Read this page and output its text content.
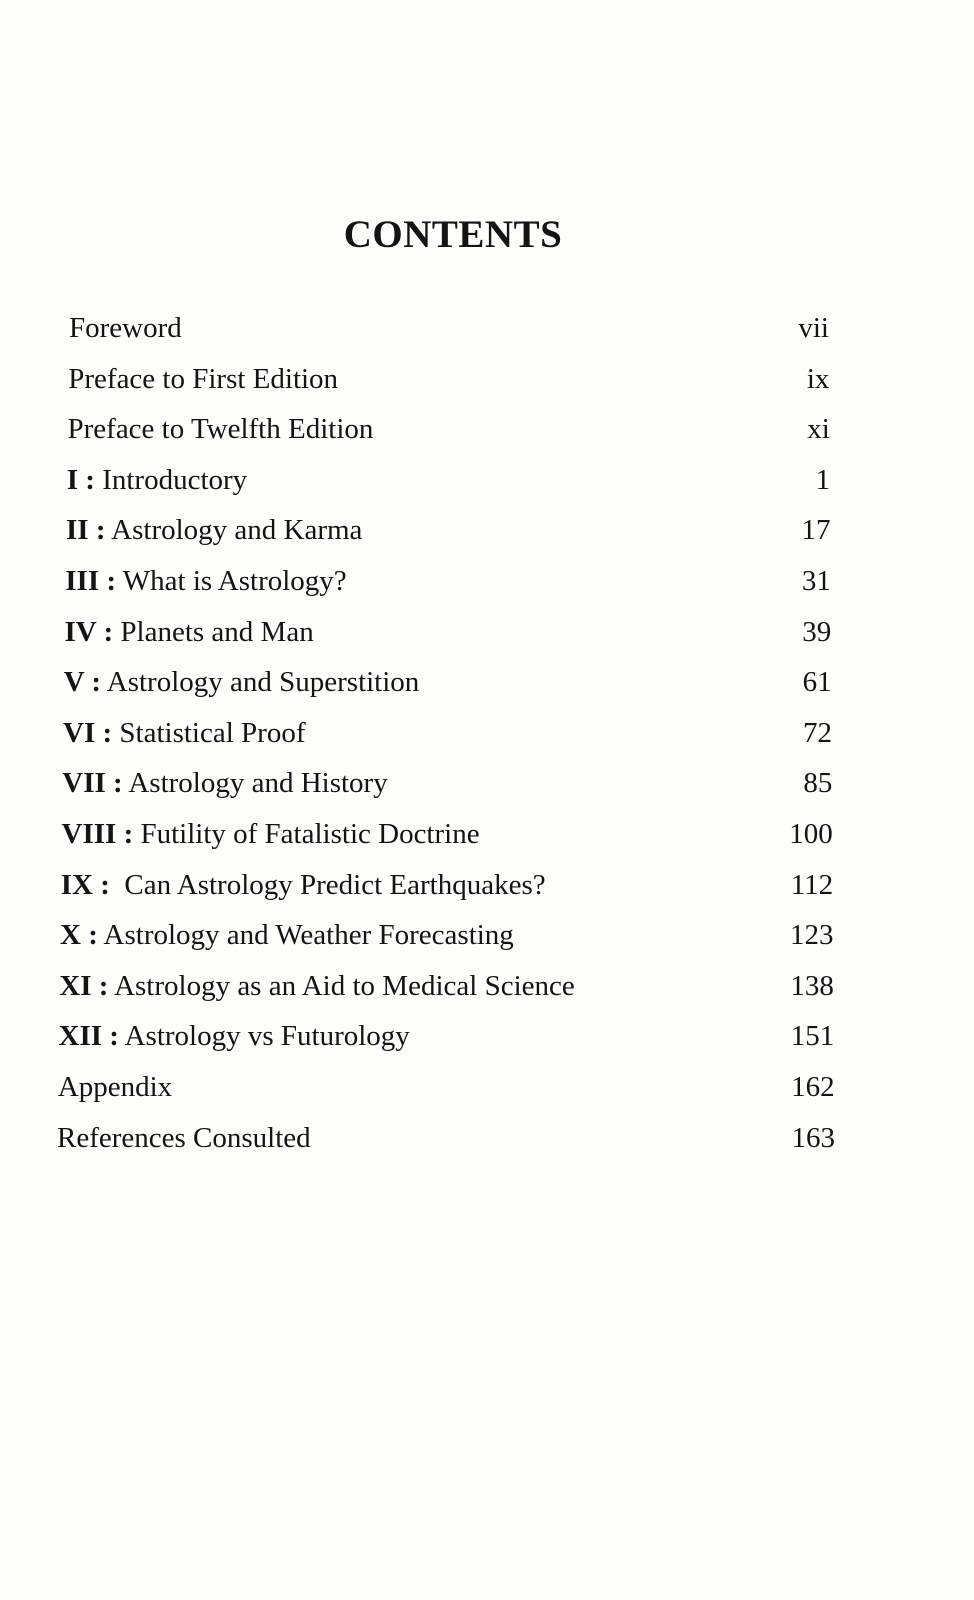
CONTENTS
Foreword	vii
Preface to First Edition	ix
Preface to Twelfth Edition	xi
I : Introductory	1
II : Astrology and Karma	17
III : What is Astrology?	31
IV : Planets and Man	39
V : Astrology and Superstition	61
VI : Statistical Proof	72
VII : Astrology and History	85
VIII : Futility of Fatalistic Doctrine	100
IX : Can Astrology Predict Earthquakes?	112
X : Astrology and Weather Forecasting	123
XI : Astrology as an Aid to Medical Science	138
XII : Astrology vs Futurology	151
Appendix	162
References Consulted	163
